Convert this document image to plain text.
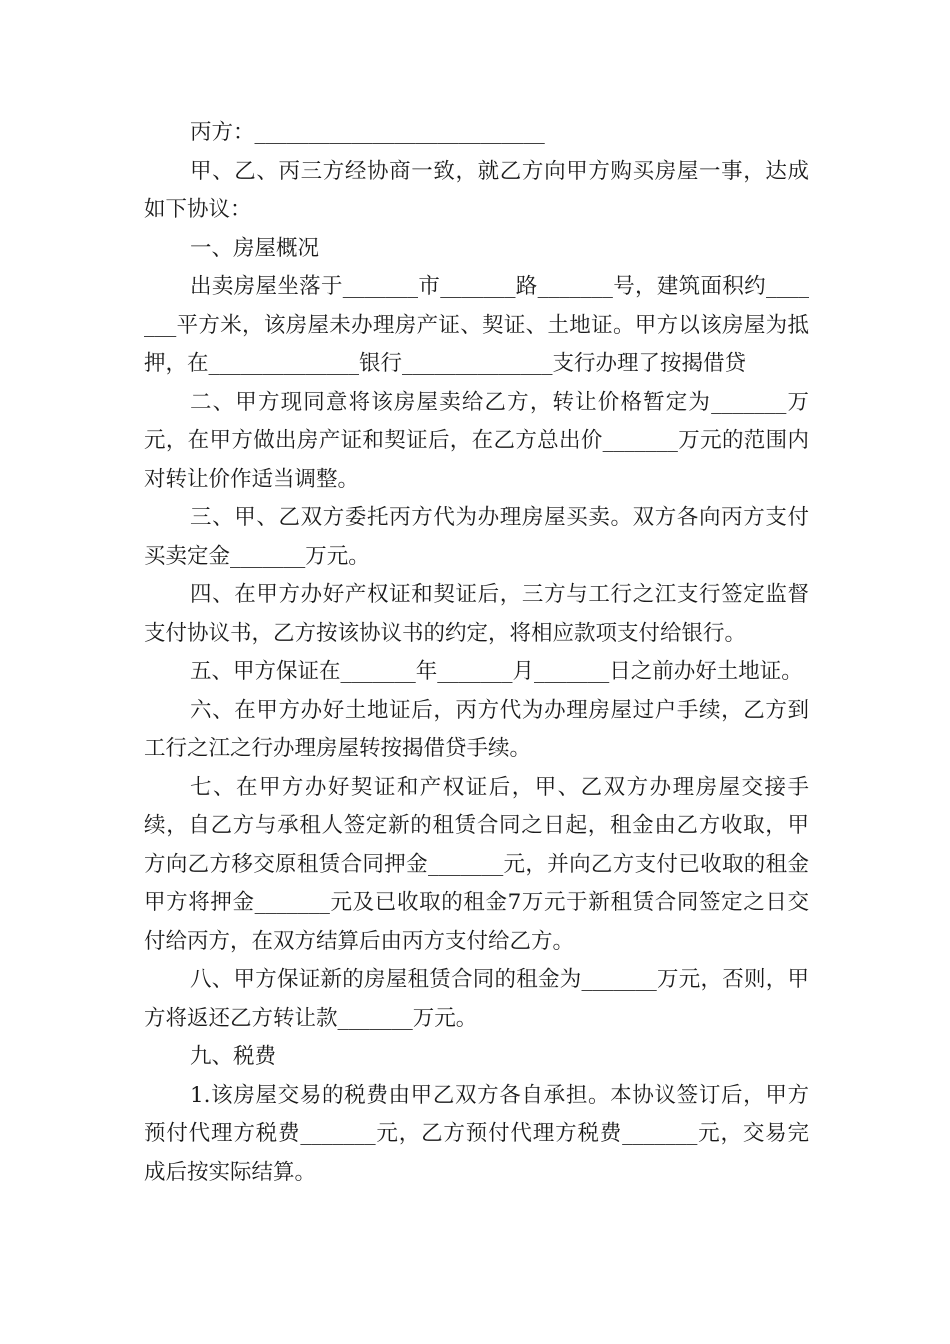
丙方：___________________________

甲、乙、丙三方经协商一致，就乙方向甲方购买房屋一事，达成如下协议：

一、房屋概况

出卖房屋坐落于_______市_______路_______号，建筑面积约_______平方米，该房屋未办理房产证、契证、土地证。甲方以该房屋为抵押，在______________银行______________支行办理了按揭借贷

二、甲方现同意将该房屋卖给乙方，转让价格暂定为_______万元，在甲方做出房产证和契证后，在乙方总出价_______万元的范围内对转让价作适当调整。

三、甲、乙双方委托丙方代为办理房屋买卖。双方各向丙方支付买卖定金_______万元。

四、在甲方办好产权证和契证后，三方与工行之江支行签定监督支付协议书，乙方按该协议书的约定，将相应款项支付给银行。

五、甲方保证在_______年_______月_______日之前办好土地证。

六、在甲方办好土地证后，丙方代为办理房屋过户手续，乙方到工行之江之行办理房屋转按揭借贷手续。

七、在甲方办好契证和产权证后，甲、乙双方办理房屋交接手续，自乙方与承租人签定新的租赁合同之日起，租金由乙方收取，甲方向乙方移交原租赁合同押金_______元，并向乙方支付已收取的租金甲方将押金_______元及已收取的租金7万元于新租赁合同签定之日交付给丙方，在双方结算后由丙方支付给乙方。

八、甲方保证新的房屋租赁合同的租金为_______万元，否则，甲方将返还乙方转让款_______万元。

九、税费

1.该房屋交易的税费由甲乙双方各自承担。本协议签订后，甲方预付代理方税费_______元，乙方预付代理方税费_______元，交易完成后按实际结算。
